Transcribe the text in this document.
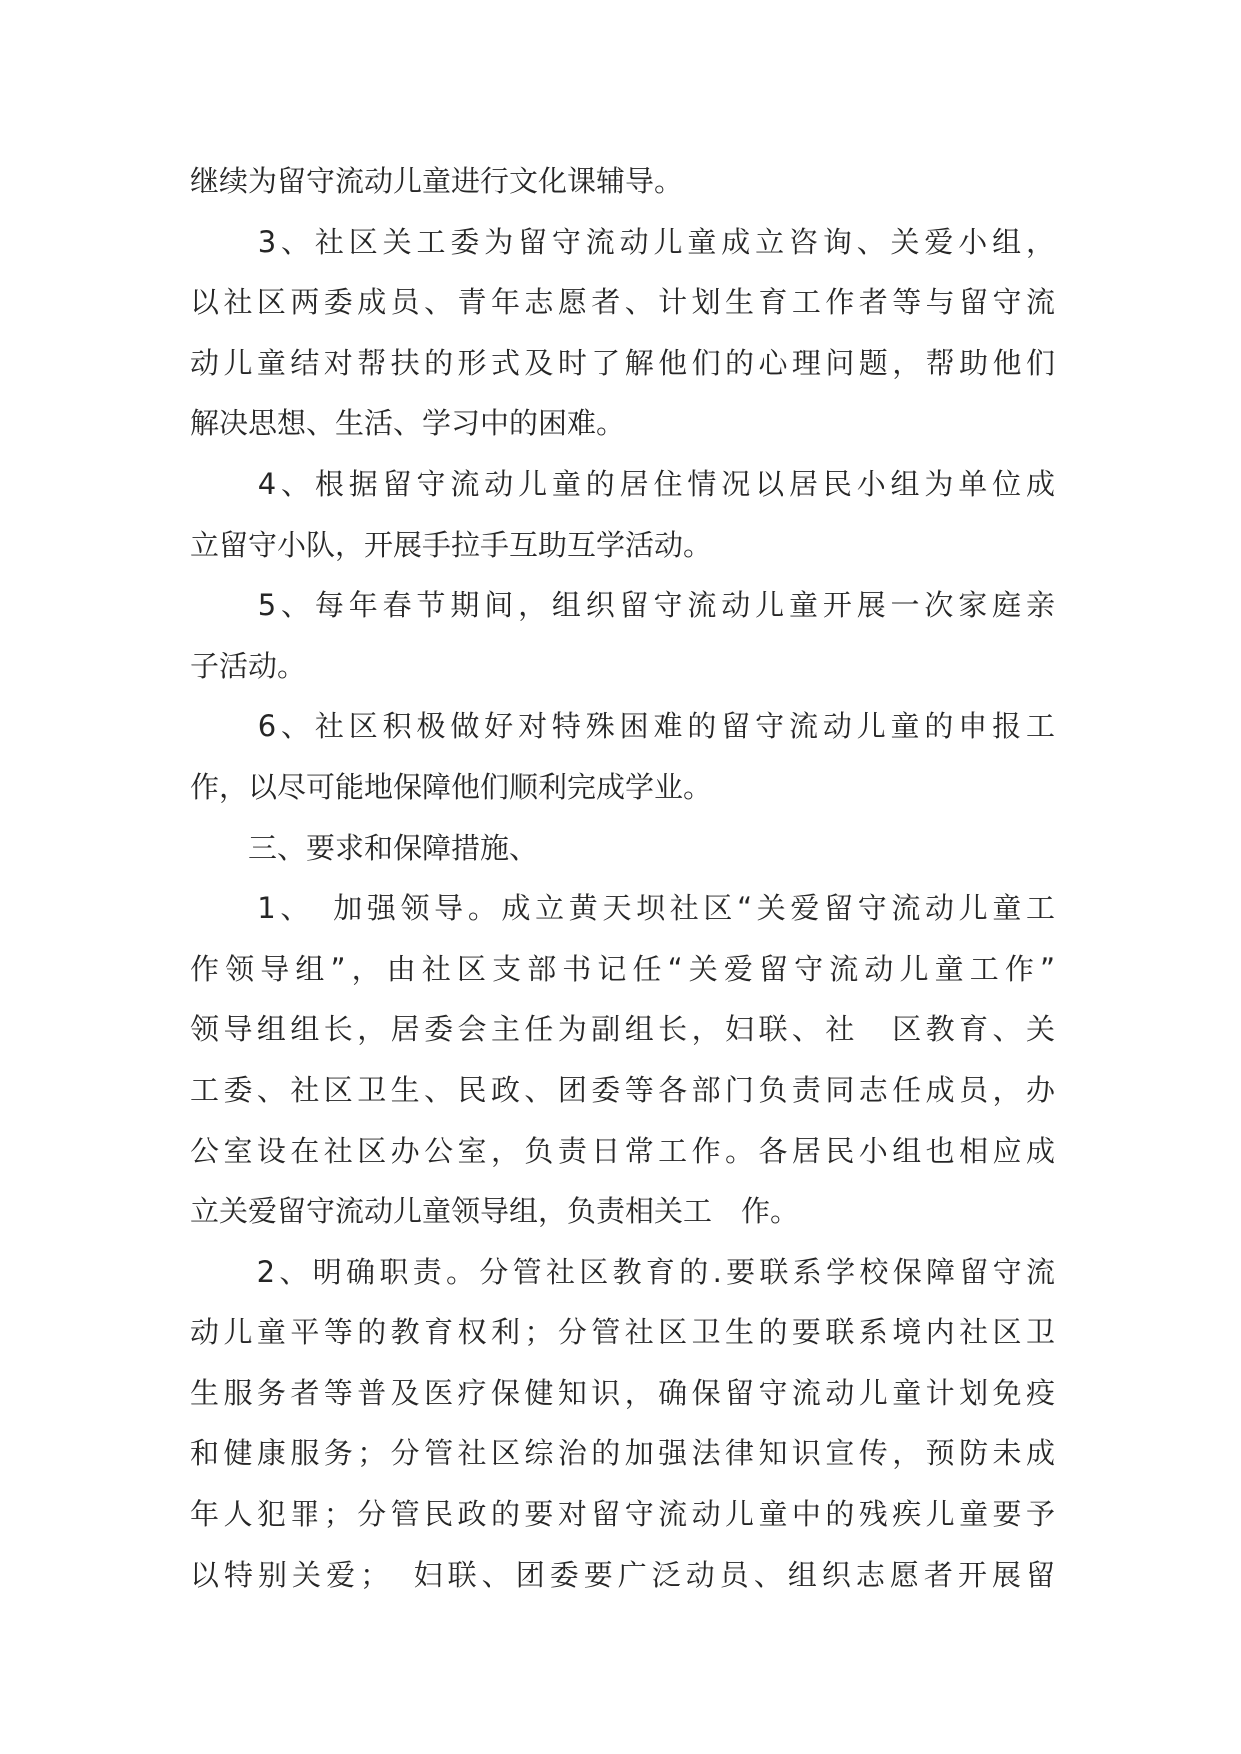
继续为留守流动儿童进行文化课辅导。
　　3、社区关工委为留守流动儿童成立咨询、关爱小组，
以社区两委成员、青年志愿者、计划生育工作者等与留守流
动儿童结对帮扶的形式及时了解他们的心理问题，帮助他们
解决思想、生活、学习中的困难。
　　4、根据留守流动儿童的居住情况以居民小组为单位成
立留守小队，开展手拉手互助互学活动。
　　5、每年春节期间，组织留守流动儿童开展一次家庭亲
子活动。
　　6、社区积极做好对特殊困难的留守流动儿童的申报工
作，以尽可能地保障他们顺利完成学业。
　　三、要求和保障措施、
　　1、　加强领导。成立黄天坝社区“关爱留守流动儿童工
作领导组”，由社区支部书记任“关爱留守流动儿童工作”
领导组组长，居委会主任为副组长，妇联、社　区教育、关
工委、社区卫生、民政、团委等各部门负责同志任成员，办
公室设在社区办公室，负责日常工作。各居民小组也相应成
立关爱留守流动儿童领导组，负责相关工　作。
　　2、明确职责。分管社区教育的.要联系学校保障留守流
动儿童平等的教育权利；分管社区卫生的要联系境内社区卫
生服务者等普及医疗保健知识，确保留守流动儿童计划免疫
和健康服务；分管社区综治的加强法律知识宣传，预防未成
年人犯罪；分管民政的要对留守流动儿童中的残疾儿童要予
以特别关爱；　妇联、团委要广泛动员、组织志愿者开展留
